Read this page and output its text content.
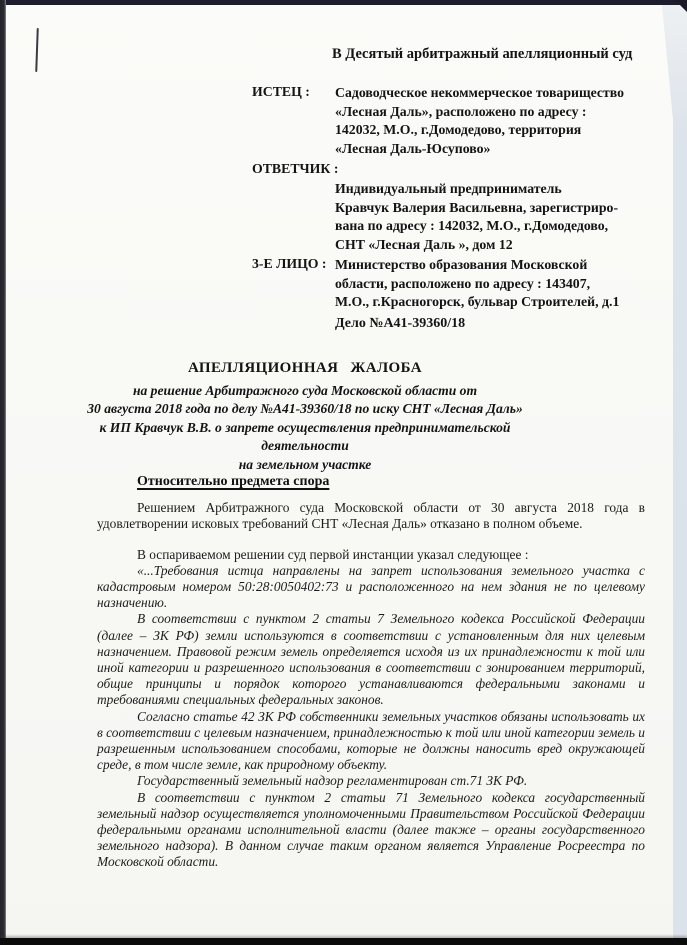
В Десятый арбитражный апелляционный суд
ИСТЕЦ : Садоводческое некоммерческое товарищество
«Лесная Даль», расположено по адресу :
142032, М.О., г.Домодедово, территория
«Лесная Даль-Юсупово»
ОТВЕТЧИК :
Индивидуальный предприниматель
Кравчук Валерия Васильевна, зарегистриро-
вана по адресу : 142032, М.О., г.Домодедово,
СНТ «Лесная Даль », дом 12
3-Е ЛИЦО : Министерство образования Московской
области, расположено по адресу : 143407,
М.О., г.Красногорск, бульвар Строителей, д.1
Дело №А41-39360/18
АПЕЛЛЯЦИОННАЯ ЖАЛОБА
на решение Арбитражного суда Московской области от
30 августа 2018 года по делу №А41-39360/18 по иску СНТ «Лесная Даль»
к ИП Кравчук В.В. о запрете осуществления предпринимательской деятельности
на земельном участке
Относительно предмета спора

Решением Арбитражного суда Московской области от 30 августа 2018 года в удовлетворении исковых требований СНТ «Лесная Даль» отказано в полном объеме.

В оспариваемом решении суд первой инстанции указал следующее :

«...Требования истца направлены на запрет использования земельного участка с кадастровым номером 50:28:0050402:73 и расположенного на нем здания не по целевому назначению.

В соответствии с пунктом 2 статьи 7 Земельного кодекса Российской Федерации (далее – ЗК РФ) земли используются в соответствии с установленным для них целевым назначением. Правовой режим земель определяется исходя из их принадлежности к той или иной категории и разрешенного использования в соответствии с зонированием территорий, общие принципы и порядок которого устанавливаются федеральными законами и требованиями специальных федеральных законов.

Согласно статье 42 ЗК РФ собственники земельных участков обязаны использовать их в соответствии с целевым назначением, принадлежностью к той или иной категории земель и разрешенным использованием способами, которые не должны наносить вред окружающей среде, в том числе земле, как природному объекту.

Государственный земельный надзор регламентирован ст.71 ЗК РФ.

В соответствии с пунктом 2 статьи 71 Земельного кодекса государственный земельный надзор осуществляется уполномоченными Правительством Российской Федерации федеральными органами исполнительной власти (далее также – органы государственного земельного надзора). В данном случае таким органом является Управление Росреестра по Московской области.
